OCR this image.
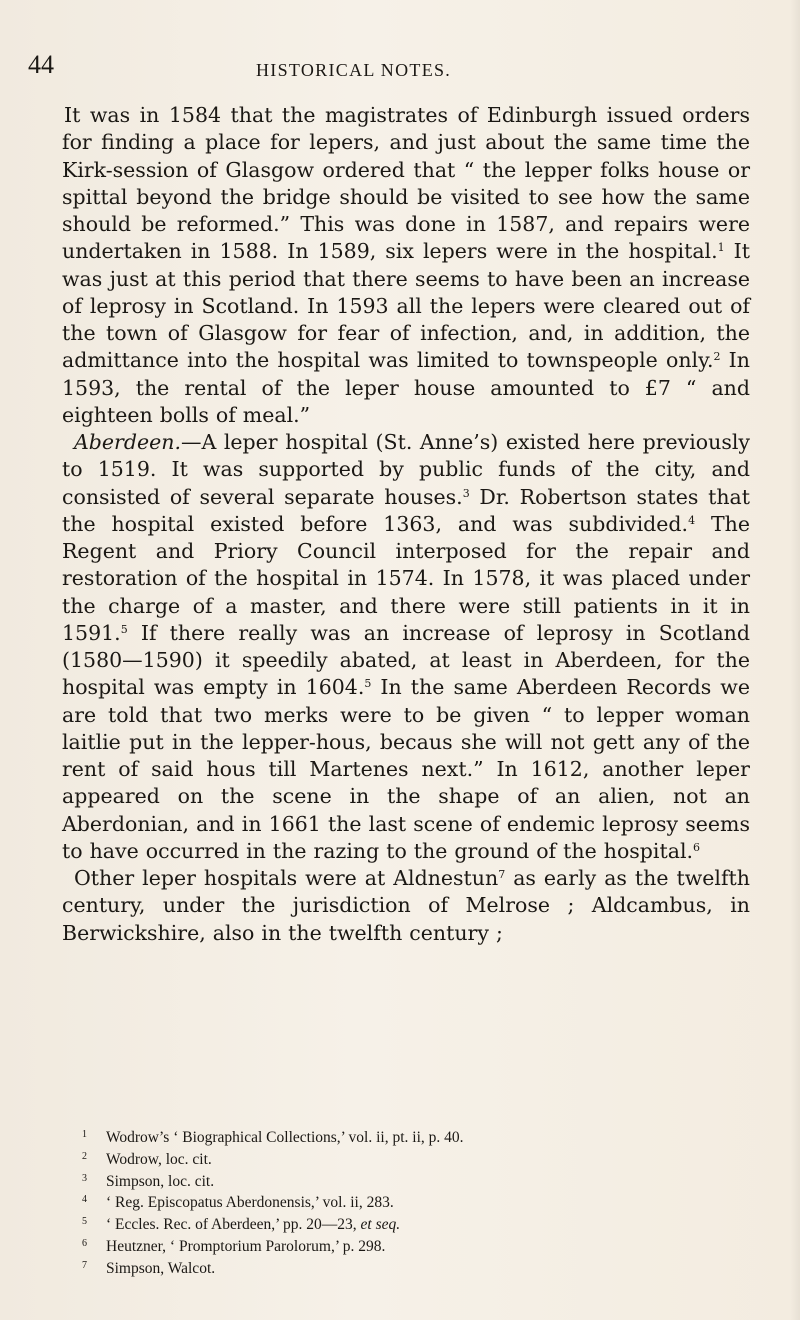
44	HISTORICAL NOTES.

It was in 1584 that the magistrates of Edinburgh issued orders for finding a place for lepers, and just about the same time the Kirk-session of Glasgow ordered that “ the lepper folks house or spittal beyond the bridge should be visited to see how the same should be reformed.” This was done in 1587, and repairs were undertaken in 1588. In 1589, six lepers were in the hospital.$^1$ It was just at this period that there seems to have been an increase of leprosy in Scotland. In 1593 all the lepers were cleared out of the town of Glasgow for fear of infection, and, in addition, the admittance into the hospital was limited to townspeople only.$^2$ In 1593, the rental of the leper house amounted to £7 “ and eighteen bolls of meal.”

Aberdeen.—A leper hospital (St. Anne’s) existed here previously to 1519. It was supported by public funds of the city, and consisted of several separate houses.$^3$ Dr. Robertson states that the hospital existed before 1363, and was subdivided.$^4$ The Regent and Priory Council interposed for the repair and restoration of the hospital in 1574. In 1578, it was placed under the charge of a master, and there were still patients in it in 1591.$^5$ If there really was an increase of leprosy in Scotland (1580—1590) it speedily abated, at least in Aberdeen, for the hospital was empty in 1604.$^5$ In the same Aberdeen Records we are told that two merks were to be given “ to lepper woman laitlie put in the lepper-hous, becaus she will not gett any of the rent of said hous till Martenes next.” In 1612, another leper appeared on the scene in the shape of an alien, not an Aberdonian, and in 1661 the last scene of endemic leprosy seems to have occurred in the razing to the ground of the hospital.$^6$

Other leper hospitals were at Aldnestun$^7$ as early as the twelfth century, under the jurisdiction of Melrose ; Aldcambus, in Berwickshire, also in the twelfth century ;

1	Wodrow’s ‘ Biographical Collections,’ vol. ii, pt. ii, p. 40.
2	Wodrow, loc. cit.
3	Simpson, loc. cit.
4	‘ Reg. Episcopatus Aberdonensis,’ vol. ii, 283.
5	‘ Eccles. Rec. of Aberdeen,’ pp. 20—23, et seq.
6	Heutzner, ‘ Promptorium Parolorum,’ p. 298.
7	Simpson, Walcot.
